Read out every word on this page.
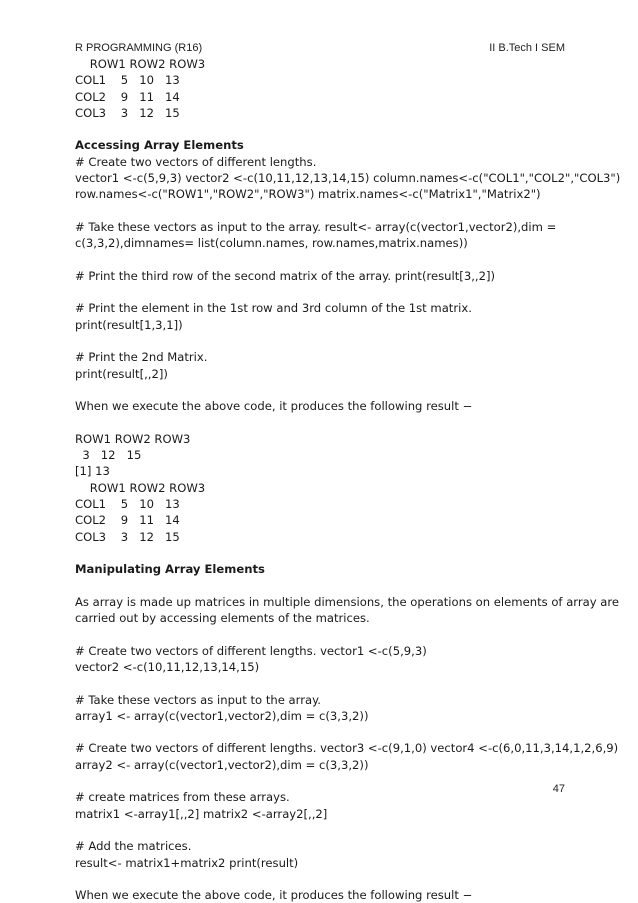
R PROGRAMMING (R16)	II B.Tech I SEM
ROW1 ROW2 ROW3
COL1    5   10   13
COL2    9   11   14
COL3    3   12   15
Accessing Array Elements
# Create two vectors of different lengths.
vector1 <-c(5,9,3) vector2 <-c(10,11,12,13,14,15) column.names<-c("COL1","COL2","COL3")
row.names<-c("ROW1","ROW2","ROW3") matrix.names<-c("Matrix1","Matrix2")
# Take these vectors as input to the array. result<- array(c(vector1,vector2),dim =
c(3,3,2),dimnames= list(column.names, row.names,matrix.names))
# Print the third row of the second matrix of the array. print(result[3,,2])
# Print the element in the 1st row and 3rd column of the 1st matrix.
print(result[1,3,1])
# Print the 2nd Matrix.
print(result[,,2])
When we execute the above code, it produces the following result −
ROW1 ROW2 ROW3
3   12   15
[1] 13
ROW1 ROW2 ROW3
COL1    5   10   13
COL2    9   11   14
COL3    3   12   15
Manipulating Array Elements
As array is made up matrices in multiple dimensions, the operations on elements of array are
carried out by accessing elements of the matrices.
# Create two vectors of different lengths. vector1 <-c(5,9,3)
vector2 <-c(10,11,12,13,14,15)
# Take these vectors as input to the array.
array1 <- array(c(vector1,vector2),dim = c(3,3,2))
# Create two vectors of different lengths. vector3 <-c(9,1,0) vector4 <-c(6,0,11,3,14,1,2,6,9)
array2 <- array(c(vector1,vector2),dim = c(3,3,2))
# create matrices from these arrays.
matrix1 <-array1[,,2] matrix2 <-array2[,,2]
# Add the matrices.
result<- matrix1+matrix2 print(result)
When we execute the above code, it produces the following result −
47
